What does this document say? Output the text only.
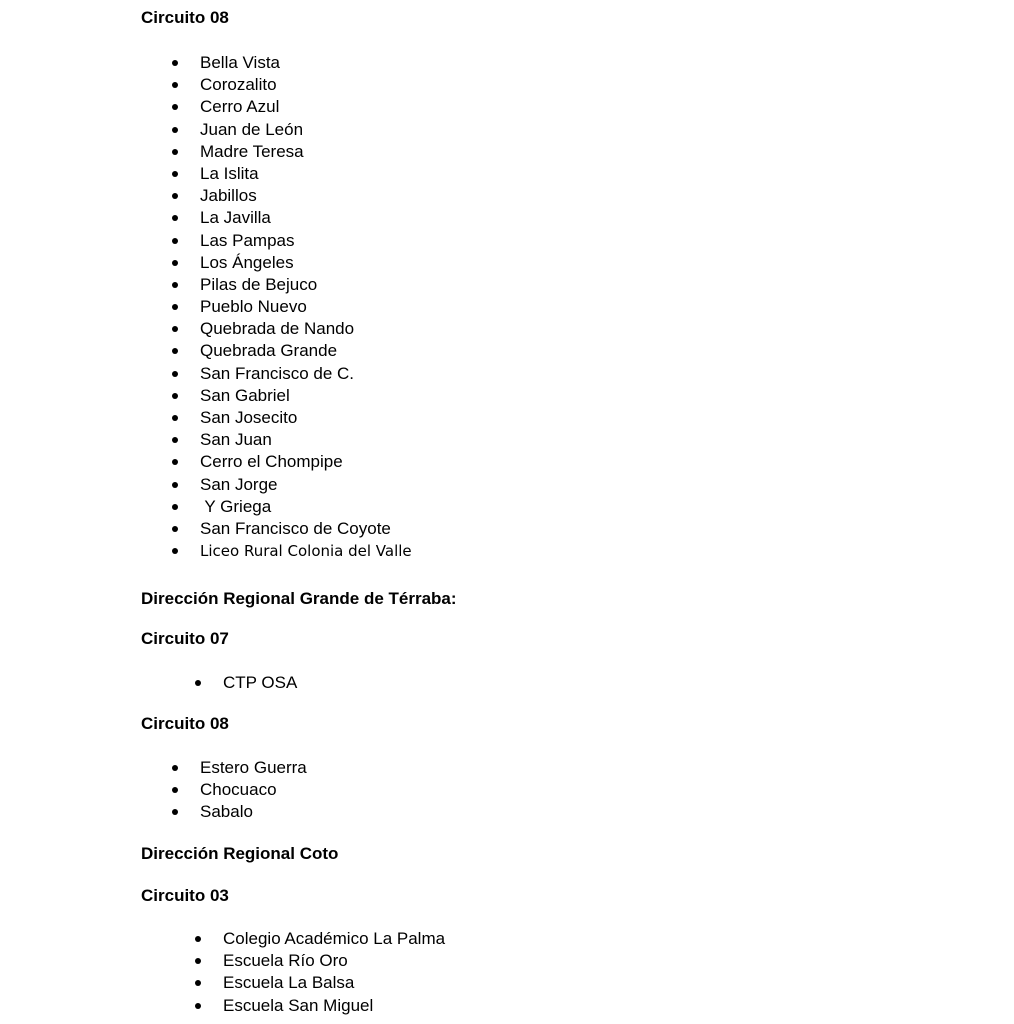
Circuito 08
Bella Vista
Corozalito
Cerro Azul
Juan de León
Madre Teresa
La Islita
Jabillos
La Javilla
Las Pampas
Los Ángeles
Pilas de Bejuco
Pueblo Nuevo
Quebrada de Nando
Quebrada Grande
San Francisco de C.
San Gabriel
San Josecito
San Juan
Cerro el Chompipe
San Jorge
Y Griega
San Francisco de Coyote
Liceo Rural Colonia del Valle
Dirección Regional Grande de Térraba:
Circuito 07
CTP OSA
Circuito 08
Estero Guerra
Chocuaco
Sabalo
Dirección Regional Coto
Circuito 03
Colegio Académico La Palma
Escuela Río Oro
Escuela La Balsa
Escuela San Miguel
